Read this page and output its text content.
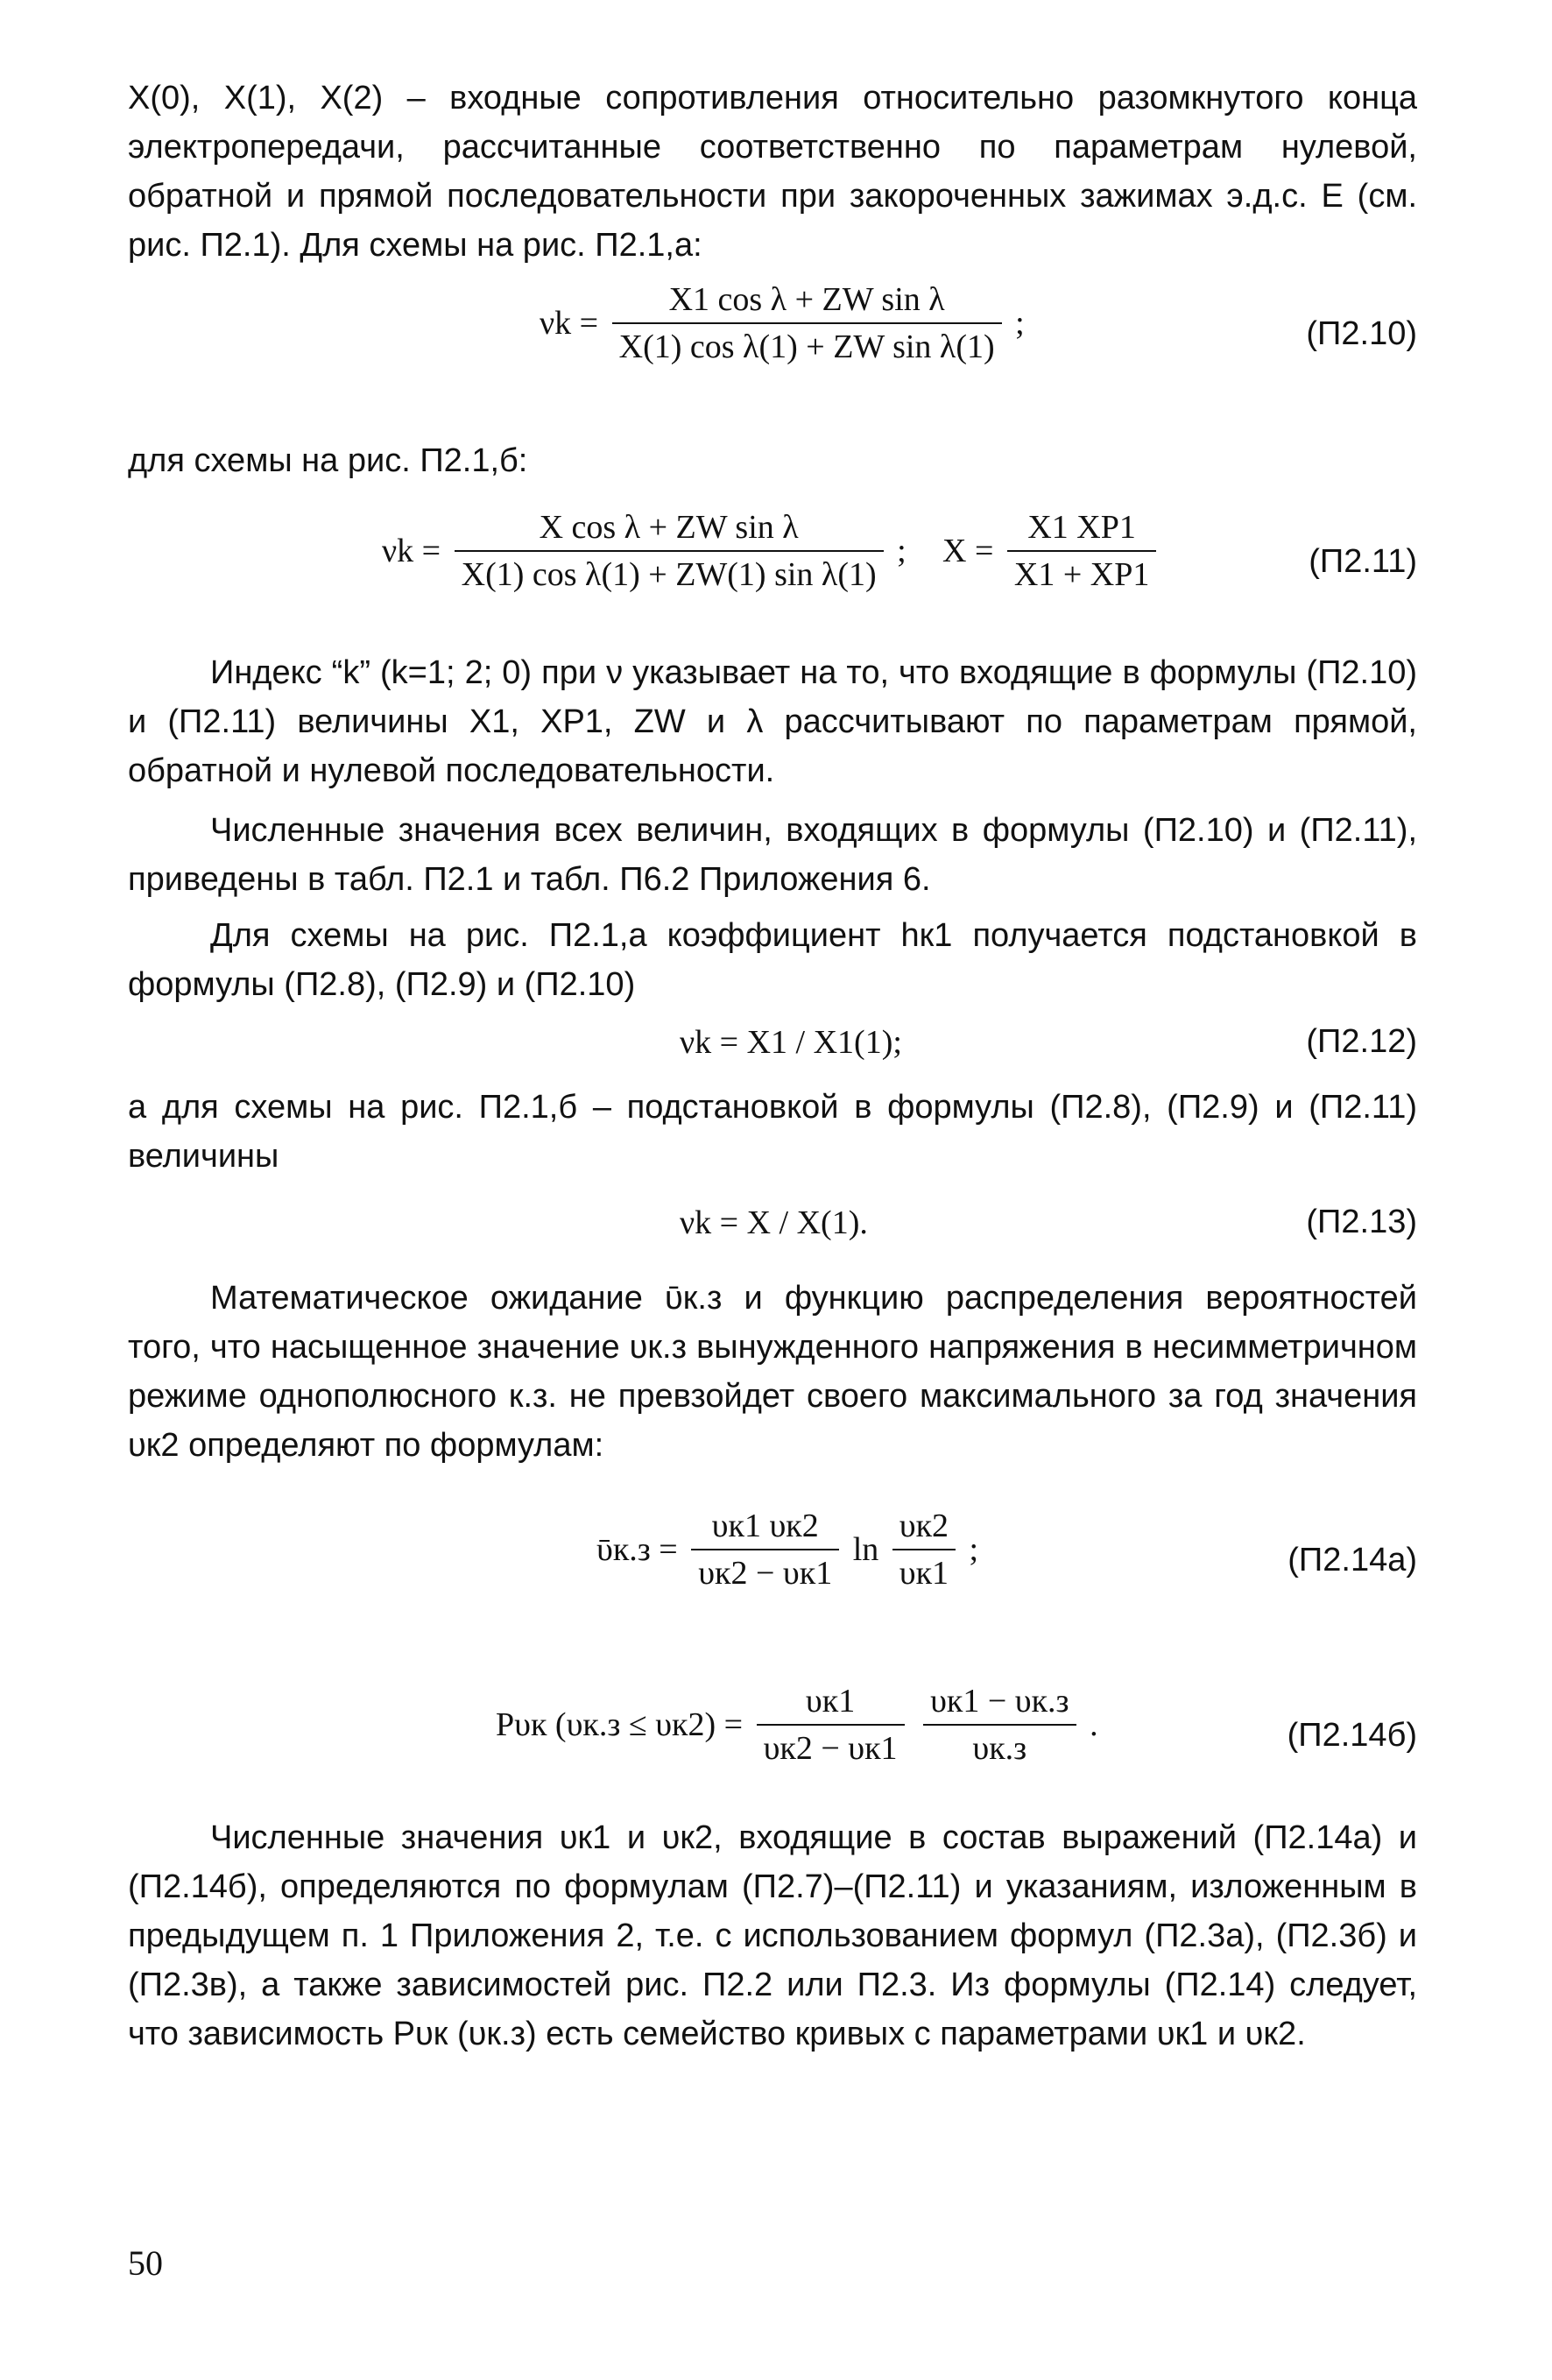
X(0), X(1), X(2) – входные сопротивления относительно разомкнутого конца электропередачи, рассчитанные соответственно по параметрам нулевой, обратной и прямой последовательности при закороченных зажимах э.д.с. E (см. рис. П2.1). Для схемы на рис. П2.1,а:
$\nu k = \frac{\text{X1 cos λ + ZW sin λ}}{\text{X(1) cos λ(1) + ZW sin λ(1)}}$ ;	(П2.10)
для схемы на рис. П2.1,б:
$\nu k = \frac{\text{X cos λ + ZW sin λ}}{\text{X(1) cos λ(1) + ZW(1) sin λ(1)}}$ ; $X = \frac{X1 XP1}{X1 + XP1}$	(П2.11)
Индекс “k” (k=1; 2; 0) при ν указывает на то, что входящие в формулы (П2.10) и (П2.11) величины X1, XP1, ZW и λ рассчитывают по параметрам прямой, обратной и нулевой последовательности.
Численные значения всех величин, входящих в формулы (П2.10) и (П2.11), приведены в табл. П2.1 и табл. П6.2 Приложения 6.
Для схемы на рис. П2.1,а коэффициент hк1 получается подстановкой в формулы (П2.8), (П2.9) и (П2.10)
νk = X1 / X1(1);	(П2.12)
а для схемы на рис. П2.1,б – подстановкой в формулы (П2.8), (П2.9) и (П2.11) величины
νk = X / X(1).	(П2.13)
Математическое ожидание ῡк.з и функцию распределения вероятностей того, что насыщенное значение υк.з вынужденного напряжения в несимметричном режиме однополюсного к.з. не превзойдет своего максимального за год значения υк2 определяют по формулам:
ῡк.з = $\frac{\upsilon к1 \upsilon к2}{\upsilon к2 - \upsilon к1}$ $\ln \frac{\upsilon к2}{\upsilon к1}$ ;	(П2.14а)
Pυк $(\upsilon к.з \le \upsilon к2) = \frac{\upsilon к1}{\upsilon к2 - \upsilon к1}$
$\frac{\upsilon к1 - \upsilon к.з}{\upsilon к.з}$ .	(П2.14б)
Численные значения υк1 и υк2, входящие в состав выражений (П2.14а) и (П2.14б), определяются по формулам (П2.7)–(П2.11) и указаниям, изложенным в предыдущем п. 1 Приложения 2, т.е. с использованием формул (П2.3а), (П2.3б) и (П2.3в), а также зависимостей рис. П2.2 или П2.3. Из формулы (П2.14) следует, что зависимость Pυк (υк.з) есть семейство кривых с параметрами υк1 и υк2.
50
